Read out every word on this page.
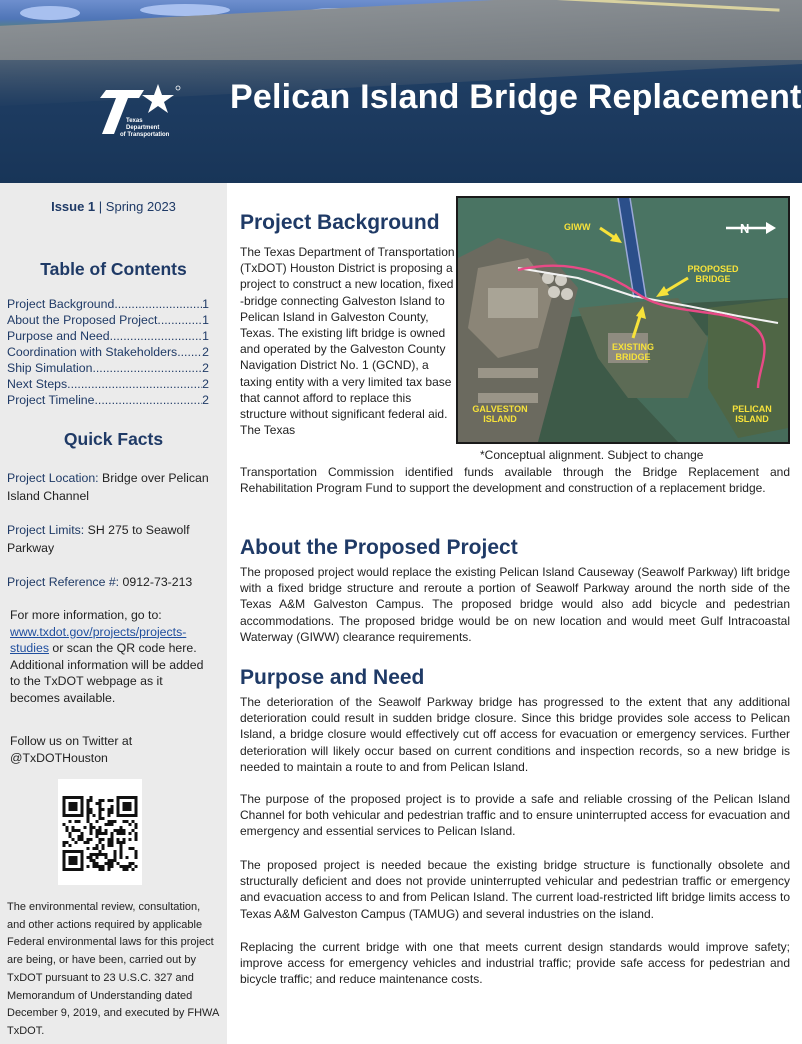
Texas
Department
of Transportation
Pelican Island Bridge Replacement
Issue 1 | Spring 2023
Table of Contents
Project Background .....	1
About the Proposed Project .....	1
Purpose and Need .....	1
Coordination with Stakeholders ..... 2
Ship Simulation .....	2
Next Steps .....	2
Project Timeline .....	2
Quick Facts
Project Location: Bridge over Pelican Island Channel
Project Limits: SH 275 to Seawolf Parkway
Project Reference #: 0912-73-213
For more information, go to: www.txdot.gov/projects/projects-studies or scan the QR code here. Additional information will be added to the TxDOT webpage as it becomes available.
Follow us on Twitter at @TxDOTHouston
The environmental review, consultation, and other actions required by applicable Federal environmental laws for this project are being, or have been, carried out by TxDOT pursuant to 23 U.S.C. 327 and Memorandum of Understanding dated December 9, 2019, and executed by FHWA TxDOT.
Project Background

The Texas Department of Transportation (TxDOT) Houston District is proposing a project to construct a new location, fixed -bridge connecting Galveston Island to Pelican Island in Galveston County, Texas. The existing lift bridge is owned and operated by the Galveston County Navigation District No. 1 (GCND), a taxing entity with a very limited tax base that cannot afford to replace this structure without significant federal aid. The Texas

N
GIWW
PROPOSED BRIDGE
EXISTING BRIDGE
GALVESTON ISLAND
PELICAN ISLAND
*Conceptual alignment. Subject to change

Transportation Commission identified funds available through the Bridge Replacement and Rehabilitation Program Fund to support the development and construction of a replacement bridge.

About the Proposed Project

The proposed project would replace the existing Pelican Island Causeway (Seawolf Parkway) lift bridge with a fixed bridge structure and reroute a portion of Seawolf Parkway around the north side of the Texas A&M Galveston Campus. The proposed bridge would also add bicycle and pedestrian accommodations. The proposed bridge would be on new location and would meet Gulf Intracoastal Waterway (GIWW) clearance requirements.

Purpose and Need

The deterioration of the Seawolf Parkway bridge has progressed to the extent that any additional deterioration could result in sudden bridge closure. Since this bridge provides sole access to Pelican Island, a bridge closure would effectively cut off access for evacuation or emergency services. Further deterioration will likely occur based on current conditions and inspection records, so a new bridge is needed to maintain a route to and from Pelican Island.

The purpose of the proposed project is to provide a safe and reliable crossing of the Pelican Island Channel for both vehicular and pedestrian traffic and to ensure uninterrupted access for evacuation and emergency and essential services to Pelican Island.

The proposed project is needed becaue the existing bridge structure is functionally obsolete and structurally deficient and does not provide uninterrupted vehicular and pedestrian traffic or emergency and evacuation access to and from Pelican Island. The current load-restricted lift bridge limits access to Texas A&M Galveston Campus (TAMUG) and several industries on the island.

Replacing the current bridge with one that meets current design standards would improve safety; improve access for emergency vehicles and industrial traffic; provide safe access for pedestrian and bicycle traffic; and reduce maintenance costs.
